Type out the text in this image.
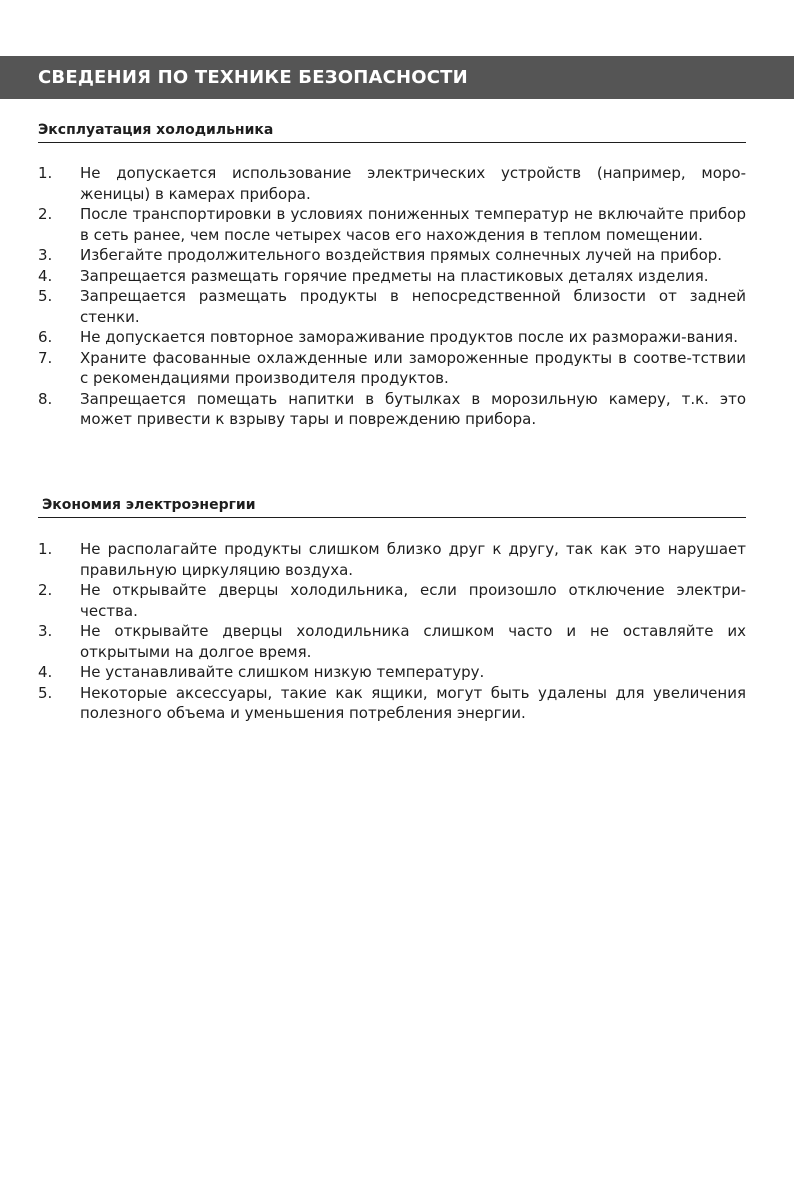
СВЕДЕНИЯ ПО ТЕХНИКЕ БЕЗОПАСНОСТИ
Эксплуатация холодильника
1. Не допускается использование электрических устройств (например, моро-женицы) в камерах прибора.
2. После транспортировки в условиях пониженных температур не включайте прибор в сеть ранее, чем после четырех часов его нахождения в теплом помещении.
3. Избегайте продолжительного воздействия прямых солнечных лучей на прибор.
4. Запрещается размещать горячие предметы на пластиковых деталях изделия.
5. Запрещается размещать продукты в непосредственной близости от задней стенки.
6. Не допускается повторное замораживание продуктов после их разморажи-вания.
7. Храните фасованные охлажденные или замороженные продукты в соотве-тствии с рекомендациями производителя продуктов.
8. Запрещается помещать напитки в бутылках в морозильную камеру, т.к. это может привести к взрыву тары и повреждению прибора.
Экономия электроэнергии
1. Не располагайте продукты слишком близко друг к другу, так как это нарушает правильную циркуляцию воздуха.
2. Не открывайте дверцы холодильника, если произошло отключение электри-чества.
3. Не открывайте дверцы холодильника слишком часто и не оставляйте их открытыми на долгое время.
4. Не устанавливайте слишком низкую температуру.
5. Некоторые аксессуары, такие как ящики, могут быть удалены для увеличения полезного объема и уменьшения потребления энергии.
